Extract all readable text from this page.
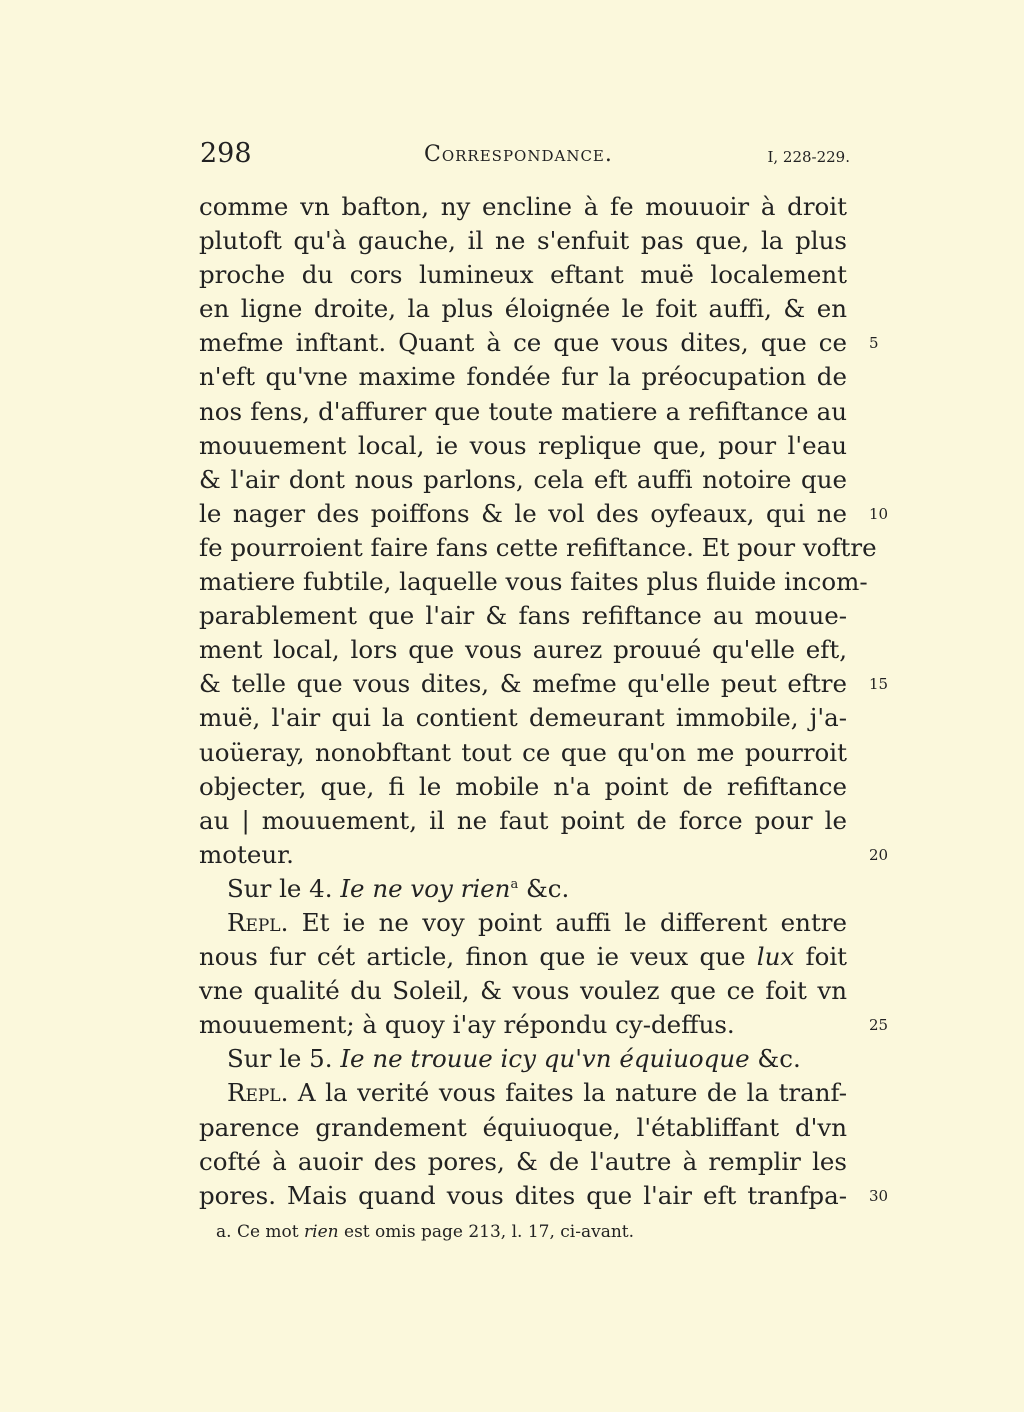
298	Correspondance.	I, 228-229.
comme vn bafton, ny encline à fe mouuoir à droit
plutoft qu'à gauche, il ne s'enfuit pas que, la plus
proche du cors lumineux eftant muë localement
en ligne droite, la plus éloignée le foit auffi, & en
mefme inftant. Quant à ce que vous dites, que ce 5
n'eft qu'vne maxime fondée fur la préocupation de
nos fens, d'affurer que toute matiere a refiftance au
mouuement local, ie vous replique que, pour l'eau
& l'air dont nous parlons, cela eft auffi notoire que
le nager des poiffons & le vol des oyfeaux, qui ne 10
fe pourroient faire fans cette refiftance. Et pour voftre
matiere fubtile, laquelle vous faites plus fluide incom-
parablement que l'air & fans refiftance au mouue-
ment local, lors que vous aurez prouué qu'elle eft,
& telle que vous dites, & mefme qu'elle peut eftre 15
muë, l'air qui la contient demeurant immobile, j'a-
uoüeray, nonobftant tout ce que qu'on me pourroit
objecter, que, fi le mobile n'a point de refiftance
au | mouuement, il ne faut point de force pour le
moteur.	20
Sur le 4. Ie ne voy rien$^a$ &c.
Repl. Et ie ne voy point auffi le different entre
nous fur cét article, finon que ie veux que lux foit
vne qualité du Soleil, & vous voulez que ce foit vn
mouuement; à quoy i'ay répondu cy-deffus.	25
Sur le 5. Ie ne trouue icy qu'vn équiuoque &c.
Repl. A la verité vous faites la nature de la tranf-
parence grandement équiuoque, l'établiffant d'vn
cofté à auoir des pores, & de l'autre à remplir les
pores. Mais quand vous dites que l'air eft tranfpa- 30
a. Ce mot rien est omis page 213, l. 17, ci-avant.
